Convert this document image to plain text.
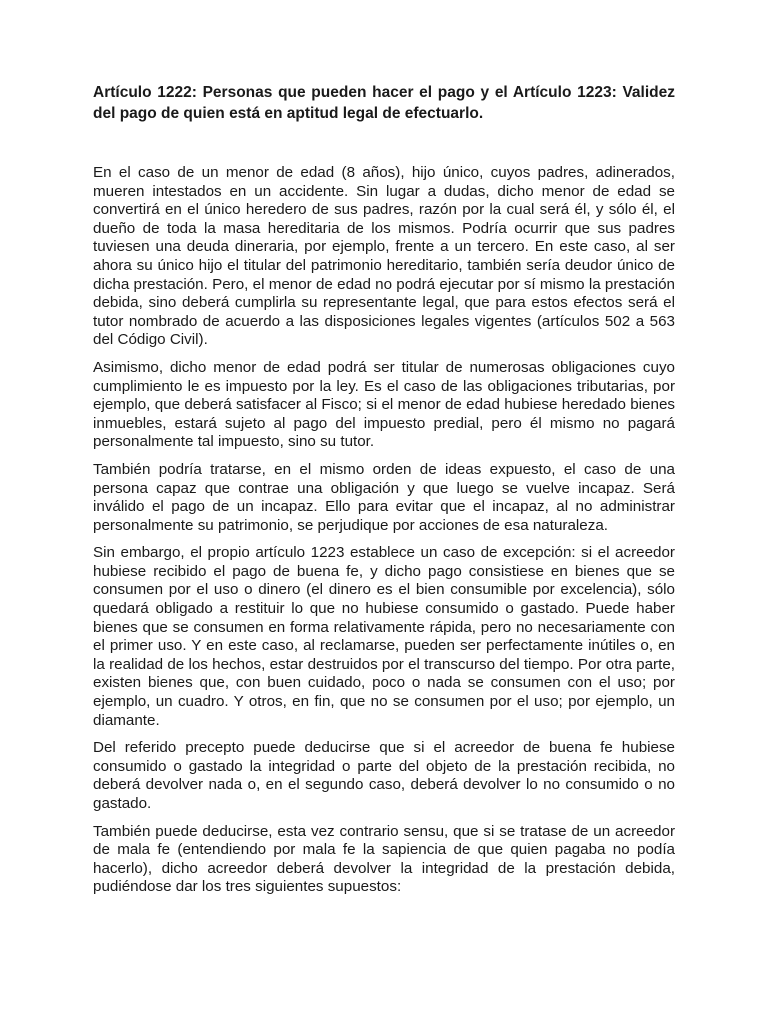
Artículo 1222: Personas que pueden hacer el pago y el Artículo 1223: Validez del pago de quien está en aptitud legal de efectuarlo.

En el caso de un menor de edad (8 años), hijo único, cuyos padres, adinerados, mueren intestados en un accidente. Sin lugar a dudas, dicho menor de edad se convertirá en el único heredero de sus padres, razón por la cual será él, y sólo él, el dueño de toda la masa hereditaria de los mismos. Podría ocurrir que sus padres tuviesen una deuda dineraria, por ejemplo, frente a un tercero. En este caso, al ser ahora su único hijo el titular del patrimonio hereditario, también sería deudor único de dicha prestación. Pero, el menor de edad no podrá ejecutar por sí mismo la prestación debida, sino deberá cumplirla su representante legal, que para estos efectos será el tutor nombrado de acuerdo a las disposiciones legales vigentes (artículos 502 a 563 del Código Civil).

Asimismo, dicho menor de edad podrá ser titular de numerosas obligaciones cuyo cumplimiento le es impuesto por la ley. Es el caso de las obligaciones tributarias, por ejemplo, que deberá satisfacer al Fisco; si el menor de edad hubiese heredado bienes inmuebles, estará sujeto al pago del impuesto predial, pero él mismo no pagará personalmente tal impuesto, sino su tutor.

También podría tratarse, en el mismo orden de ideas expuesto, el caso de una persona capaz que contrae una obligación y que luego se vuelve incapaz. Será inválido el pago de un incapaz. Ello para evitar que el incapaz, al no administrar personalmente su patrimonio, se perjudique por acciones de esa naturaleza.

Sin embargo, el propio artículo 1223 establece un caso de excepción: si el acreedor hubiese recibido el pago de buena fe, y dicho pago consistiese en bienes que se consumen por el uso o dinero (el dinero es el bien consumible por excelencia), sólo quedará obligado a restituir lo que no hubiese consumido o gastado. Puede haber bienes que se consumen en forma relativamente rápida, pero no necesariamente con el primer uso. Y en este caso, al reclamarse, pueden ser perfectamente inútiles o, en la realidad de los hechos, estar destruidos por el transcurso del tiempo. Por otra parte, existen bienes que, con buen cuidado, poco o nada se consumen con el uso; por ejemplo, un cuadro. Y otros, en fin, que no se consumen por el uso; por ejemplo, un diamante.

Del referido precepto puede deducirse que si el acreedor de buena fe hubiese consumido o gastado la integridad o parte del objeto de la prestación recibida, no deberá devolver nada o, en el segundo caso, deberá devolver lo no consumido o no gastado.

También puede deducirse, esta vez contrario sensu, que si se tratase de un acreedor de mala fe (entendiendo por mala fe la sapiencia de que quien pagaba no podía hacerlo), dicho acreedor deberá devolver la integridad de la prestación debida, pudiéndose dar los tres siguientes supuestos:
